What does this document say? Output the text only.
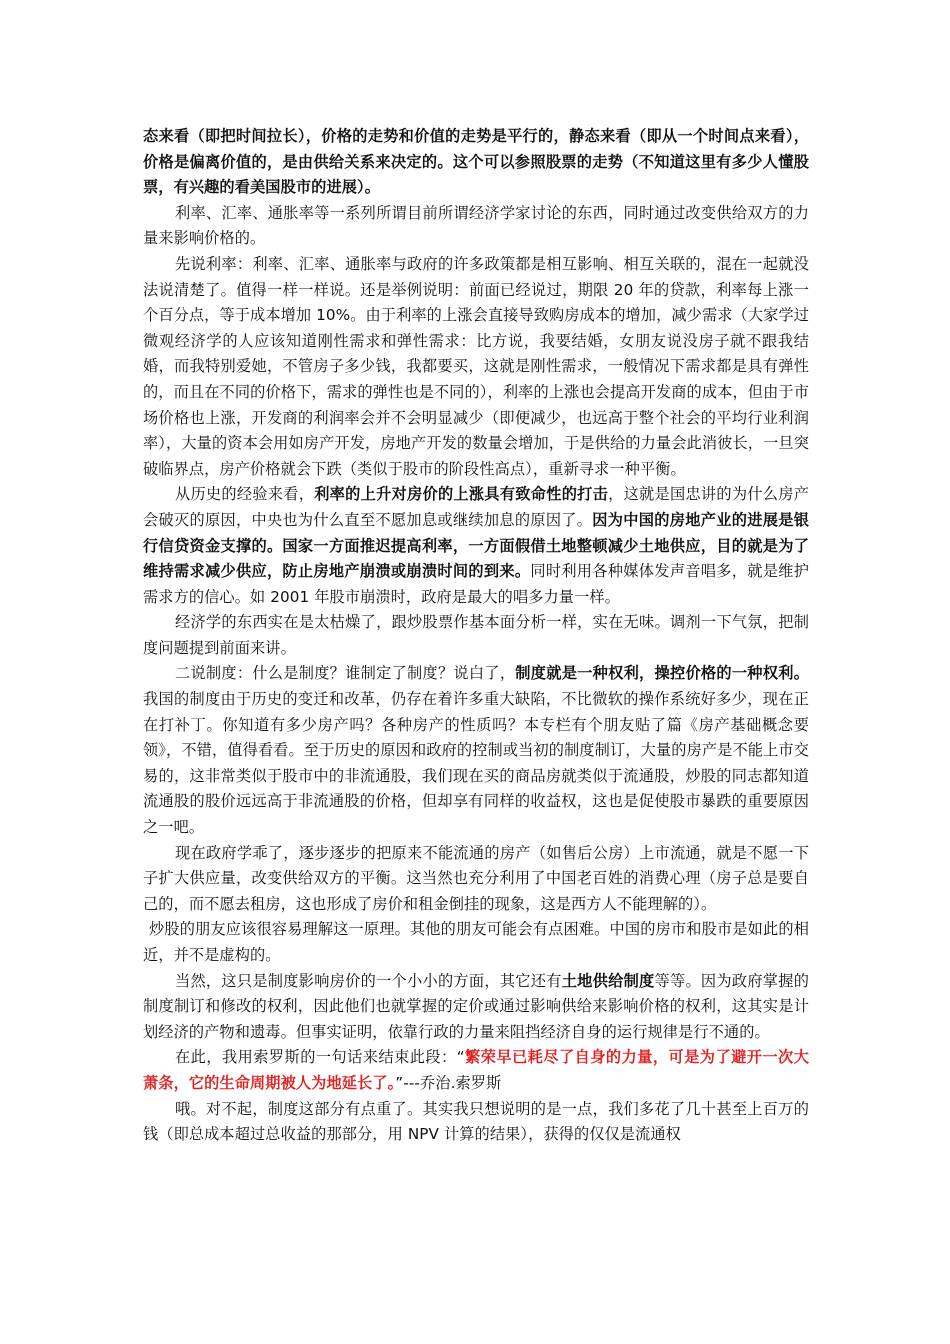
态来看（即把时间拉长），价格的走势和价值的走势是平行的，静态来看（即从一个时间点来看），价格是偏离价值的，是由供给关系来决定的。这个可以参照股票的走势（不知道这里有多少人懂股票，有兴趣的看美国股市的进展）。

利率、汇率、通胀率等一系列所谓目前所谓经济学家讨论的东西，同时通过改变供给双方的力量来影响价格的。

先说利率：利率、汇率、通胀率与政府的许多政策都是相互影响、相互关联的，混在一起就没法说清楚了。值得一样一样说。还是举例说明：前面已经说过，期限 20 年的贷款，利率每上涨一个百分点，等于成本增加 10%。由于利率的上涨会直接导致购房成本的增加，减少需求（大家学过微观经济学的人应该知道刚性需求和弹性需求：比方说，我要结婚，女朋友说没房子就不跟我结婚，而我特别爱她，不管房子多少钱，我都要买，这就是刚性需求，一般情况下需求都是具有弹性的，而且在不同的价格下，需求的弹性也是不同的），利率的上涨也会提高开发商的成本，但由于市场价格也上涨，开发商的利润率会并不会明显减少（即便减少，也远高于整个社会的平均行业利润率），大量的资本会用如房产开发，房地产开发的数量会增加，于是供给的力量会此消彼长，一旦突破临界点，房产价格就会下跌（类似于股市的阶段性高点），重新寻求一种平衡。

从历史的经验来看，利率的上升对房价的上涨具有致命性的打击，这就是国忠讲的为什么房产会破灭的原因，中央也为什么直至不愿加息或继续加息的原因了。因为中国的房地产业的进展是银行信贷资金支撑的。国家一方面推迟提高利率，一方面假借土地整顿减少土地供应，目的就是为了维持需求减少供应，防止房地产崩溃或崩溃时间的到来。同时利用各种媒体发声音唱多，就是维护需求方的信心。如 2001 年股市崩溃时，政府是最大的唱多力量一样。

经济学的东西实在是太枯燥了，跟炒股票作基本面分析一样，实在无味。调剂一下气氛，把制度问题提到前面来讲。

二说制度：什么是制度？谁制定了制度？说白了，制度就是一种权利，操控价格的一种权利。我国的制度由于历史的变迁和改革，仍存在着许多重大缺陷，不比微软的操作系统好多少，现在正在打补丁。你知道有多少房产吗？各种房产的性质吗？本专栏有个朋友贴了篇《房产基础概念要领》，不错，值得看看。至于历史的原因和政府的控制或当初的制度制订，大量的房产是不能上市交易的，这非常类似于股市中的非流通股，我们现在买的商品房就类似于流通股，炒股的同志都知道流通股的股价远远高于非流通股的价格，但却享有同样的收益权，这也是促使股市暴跌的重要原因之一吧。

现在政府学乖了，逐步逐步的把原来不能流通的房产（如售后公房）上市流通，就是不愿一下子扩大供应量，改变供给双方的平衡。这当然也充分利用了中国老百姓的消费心理（房子总是要自己的，而不愿去租房，这也形成了房价和租金倒挂的现象，这是西方人不能理解的）。

炒股的朋友应该很容易理解这一原理。其他的朋友可能会有点困难。中国的房市和股市是如此的相近，并不是虚构的。

当然，这只是制度影响房价的一个小小的方面，其它还有土地供给制度等等。因为政府掌握的制度制订和修改的权利，因此他们也就掌握的定价或通过影响供给来影响价格的权利，这其实是计划经济的产物和遗毒。但事实证明，依靠行政的力量来阻挡经济自身的运行规律是行不通的。

在此，我用索罗斯的一句话来结束此段：“繁荣早已耗尽了自身的力量，可是为了避开一次大萧条，它的生命周期被人为地延长了。”---乔治.索罗斯

哦。对不起，制度这部分有点重了。其实我只想说明的是一点，我们多花了几十甚至上百万的钱（即总成本超过总收益的那部分，用 NPV 计算的结果），获得的仅仅是流通权
